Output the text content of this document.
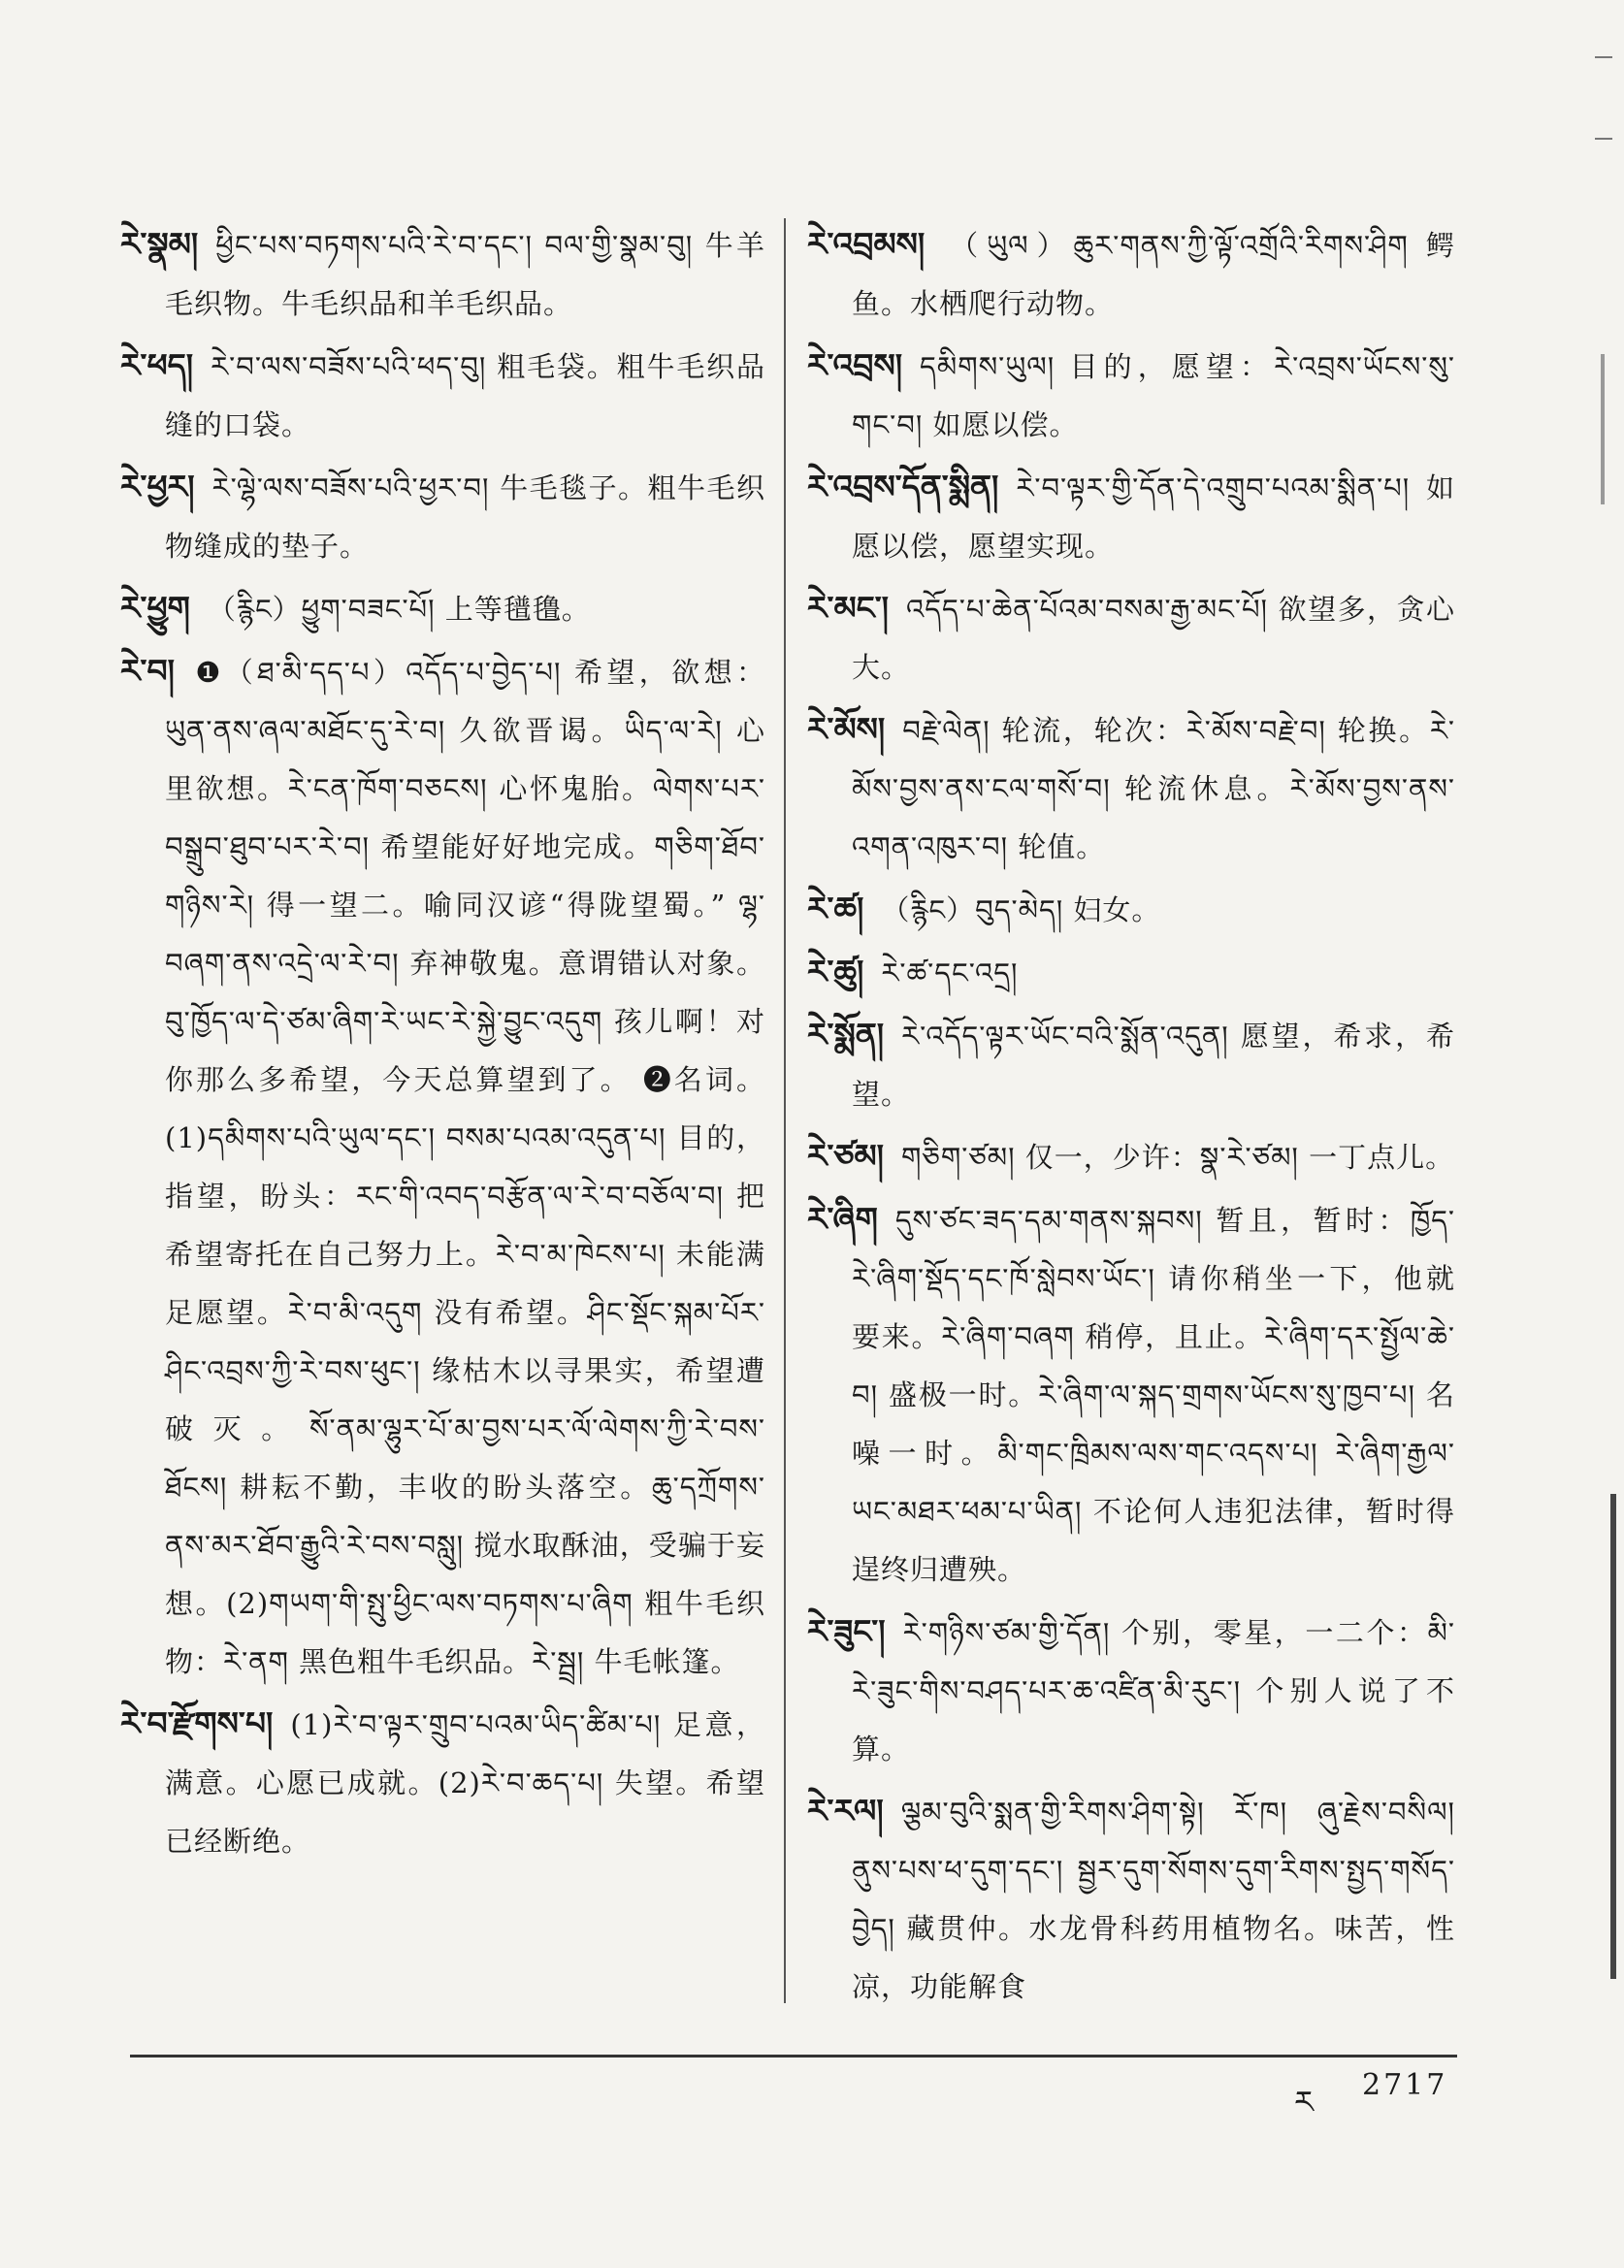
རེ་སྣམ། ཕྱིང་པས་བཏགས་པའི་རེ་བ་དང་། བལ་གྱི་སྣམ་བུ། 牛羊毛织物。牛毛织品和羊毛织品。
རེ་ཕད། རེ་བ་ལས་བཟོས་པའི་ཕད་བུ། 粗毛袋。粗牛毛织品缝的口袋。
རེ་ཕྱར། རེ་ལྷེ་ལས་བཟོས་པའི་ཕྱར་བ། 牛毛毯子。粗牛毛织物缝成的垫子。
རེ་ཕྱུག （རྙིང）ཕྱུག་བཟང་པོ། 上等氆氇。
རེ་བ། ❶（ཐ་མི་དད་པ）འདོད་པ་བྱེད་པ། 希望，欲想：ཡུན་ནས་ཞལ་མཐོང་དུ་རེ་བ། 久欲晋谒。ཡིད་ལ་རེ། 心里欲想。རེ་ངན་ཁོག་བཅངས། 心怀鬼胎。ལེགས་པར་བསྒྲུབ་ཐུབ་པར་རེ་བ། 希望能好好地完成。གཅིག་ཐོབ་གཉིས་རེ། 得一望二。喻同汉谚“得陇望蜀。” ལྷ་བཞག་ནས་འདྲེ་ལ་རེ་བ། 弃神敬鬼。意谓错认对象。བུ་ཁྱོད་ལ་དེ་ཙམ་ཞིག་རེ་ཡང་རེ་སྐྱེ་བྱུང་འདུག 孩儿啊！对你那么多希望，今天总算望到了。 ❷名词。(1)དམིགས་པའི་ཡུལ་དང་། བསམ་པའམ་འདུན་པ། 目的，指望，盼头：རང་གི་འབད་བརྩོན་ལ་རེ་བ་བཅོལ་བ། 把希望寄托在自己努力上。རེ་བ་མ་ཁེངས་པ། 未能满足愿望。རེ་བ་མི་འདུག 没有希望。ཤིང་སྡོང་སྐམ་པོར་ཤིང་འབྲས་ཀྱི་རེ་བས་ཕུང་། 缘枯木以寻果实，希望遭破灭。སོ་ནམ་ལྷུར་པོ་མ་བྱས་པར་ལོ་ལེགས་ཀྱི་རེ་བས་ཐོངས། 耕耘不勤，丰收的盼头落空。ཆུ་དཀྲོགས་ནས་མར་ཐོབ་རྒྱུའི་རེ་བས་བསླུ། 搅水取酥油，受骗于妄想。(2)གཡག་གི་སྤུ་ཕྱིང་ལས་བཏགས་པ་ཞིག 粗牛毛织物：རེ་ནག 黑色粗牛毛织品。རེ་སྦྲ། 牛毛帐篷。
རེ་བ་རྫོགས་པ། (1)རེ་བ་ལྟར་གྲུབ་པའམ་ཡིད་ཚིམ་པ། 足意，满意。心愿已成就。(2)རེ་བ་ཆད་པ། 失望。希望已经断绝。
རེ་འབྲམས། （ཡུལ）ཆུར་གནས་ཀྱི་ལྟོ་འགྲོའི་རིགས་ཤིག 鳄鱼。水栖爬行动物。
རེ་འབྲས། དམིགས་ཡུལ། 目的，愿望：རེ་འབྲས་ཡོངས་སུ་གང་བ། 如愿以偿。
རེ་འབྲས་དོན་སྨིན། རེ་བ་ལྟར་གྱི་དོན་དེ་འགྲུབ་པའམ་སྨིན་པ། 如愿以偿，愿望实现。
རེ་མང་། འདོད་པ་ཆེན་པོའམ་བསམ་རྒྱ་མང་པོ། 欲望多，贪心大。
རེ་མོས། བརྗེ་ལེན། 轮流，轮次：རེ་མོས་བརྗེ་བ། 轮换。རེ་མོས་བྱས་ནས་ངལ་གསོ་བ། 轮流休息。རེ་མོས་བྱས་ནས་འགན་འཁུར་བ། 轮值。
རེ་ཚ། （རྙིང）བུད་མེད། 妇女。
རེ་ཚུ། རེ་ཚ་དང་འདྲ།
རེ་སྨོན། རེ་འདོད་ལྟར་ཡོང་བའི་སྨོན་འདུན། 愿望，希求，希望。
རེ་ཙམ། གཅིག་ཙམ། 仅一，少许：སྣ་རེ་ཙམ། 一丁点儿。
རེ་ཞིག དུས་ཙང་ཟད་དམ་གནས་སྐབས། 暂且，暂时：ཁྱོད་རེ་ཞིག་སྡོད་དང་ཁོ་སླེབས་ཡོང་། 请你稍坐一下，他就要来。རེ་ཞིག་བཞག 稍停，且止。རེ་ཞིག་དར་སྤྱོལ་ཆེ་བ། 盛极一时。རེ་ཞིག་ལ་སྐད་གྲགས་ཡོངས་སུ་ཁྱབ་པ། 名噪一时。མི་གང་ཁྲིམས་ལས་གང་འདས་པ། རེ་ཞིག་རྒྱལ་ཡང་མཐར་ཕམ་པ་ཡིན། 不论何人违犯法律，暂时得逞终归遭殃。
རེ་ཟུང་། རེ་གཉིས་ཙམ་གྱི་དོན། 个别，零星，一二个：མི་རེ་ཟུང་གིས་བཤད་པར་ཆ་འཛིན་མི་རུང་། 个别人说了不算。
རེ་རལ། ལྕམ་བུའི་སྨན་གྱི་རིགས་ཤིག་སྟེ། རོ་ཁ། ཞུ་རྗེས་བསིལ། ནུས་པས་ཕ་དུག་དང་། སྦྱར་དུག་སོགས་དུག་རིགས་སྤྱད་གསོད་བྱེད། 藏贯仲。水龙骨科药用植物名。味苦，性凉，功能解食
ར 2717
